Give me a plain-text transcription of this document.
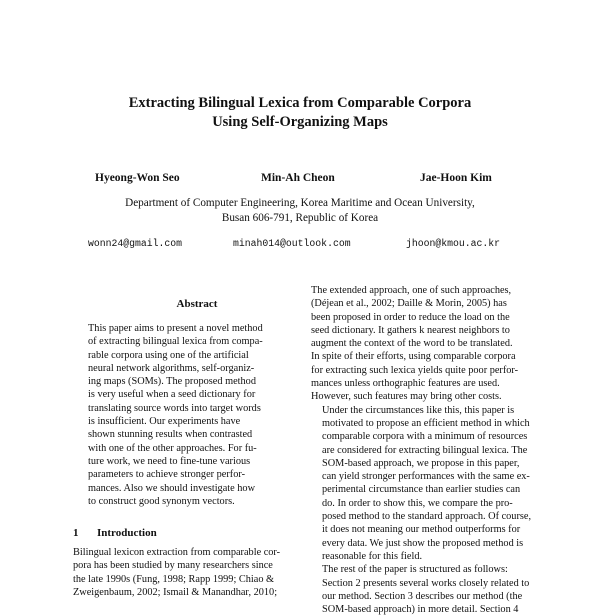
Extracting Bilingual Lexica from Comparable Corpora
Using Self-Organizing Maps
Hyeong-Won Seo	Min-Ah Cheon	Jae-Hoon Kim
Department of Computer Engineering, Korea Maritime and Ocean University,
Busan 606-791, Republic of Korea
wonn24@gmail.com	minah014@outlook.com	jhoon@kmou.ac.kr
Abstract
This paper aims to present a novel method
of extracting bilingual lexica from compa-
rable corpora using one of the artificial
neural network algorithms, self-organiz-
ing maps (SOMs). The proposed method
is very useful when a seed dictionary for
translating source words into target words
is insufficient. Our experiments have
shown stunning results when contrasted
with one of the other approaches. For fu-
ture work, we need to fine-tune various
parameters to achieve stronger perfor-
mances. Also we should investigate how
to construct good synonym vectors.
1 Introduction
Bilingual lexicon extraction from comparable cor-
pora has been studied by many researchers since
the late 1990s (Fung, 1998; Rapp 1999; Chiao &
Zweigenbaum, 2002; Ismail & Manandhar, 2010;

The extended approach, one of such approaches,
(Déjean et al., 2002; Daille & Morin, 2005) has
been proposed in order to reduce the load on the
seed dictionary. It gathers k nearest neighbors to
augment the context of the word to be translated.
In spite of their efforts, using comparable corpora
for extracting such lexica yields quite poor perfor-
mances unless orthographic features are used.
However, such features may bring other costs.

Under the circumstances like this, this paper is
motivated to propose an efficient method in which
comparable corpora with a minimum of resources
are considered for extracting bilingual lexica. The
SOM-based approach, we propose in this paper,
can yield stronger performances with the same ex-
perimental circumstance than earlier studies can
do. In order to show this, we compare the pro-
posed method to the standard approach. Of course,
it does not meaning our method outperforms for
every data. We just show the proposed method is
reasonable for this field.

The rest of the paper is structured as follows:
Section 2 presents several works closely related to
our method. Section 3 describes our method (the
SOM-based approach) in more detail. Section 4
